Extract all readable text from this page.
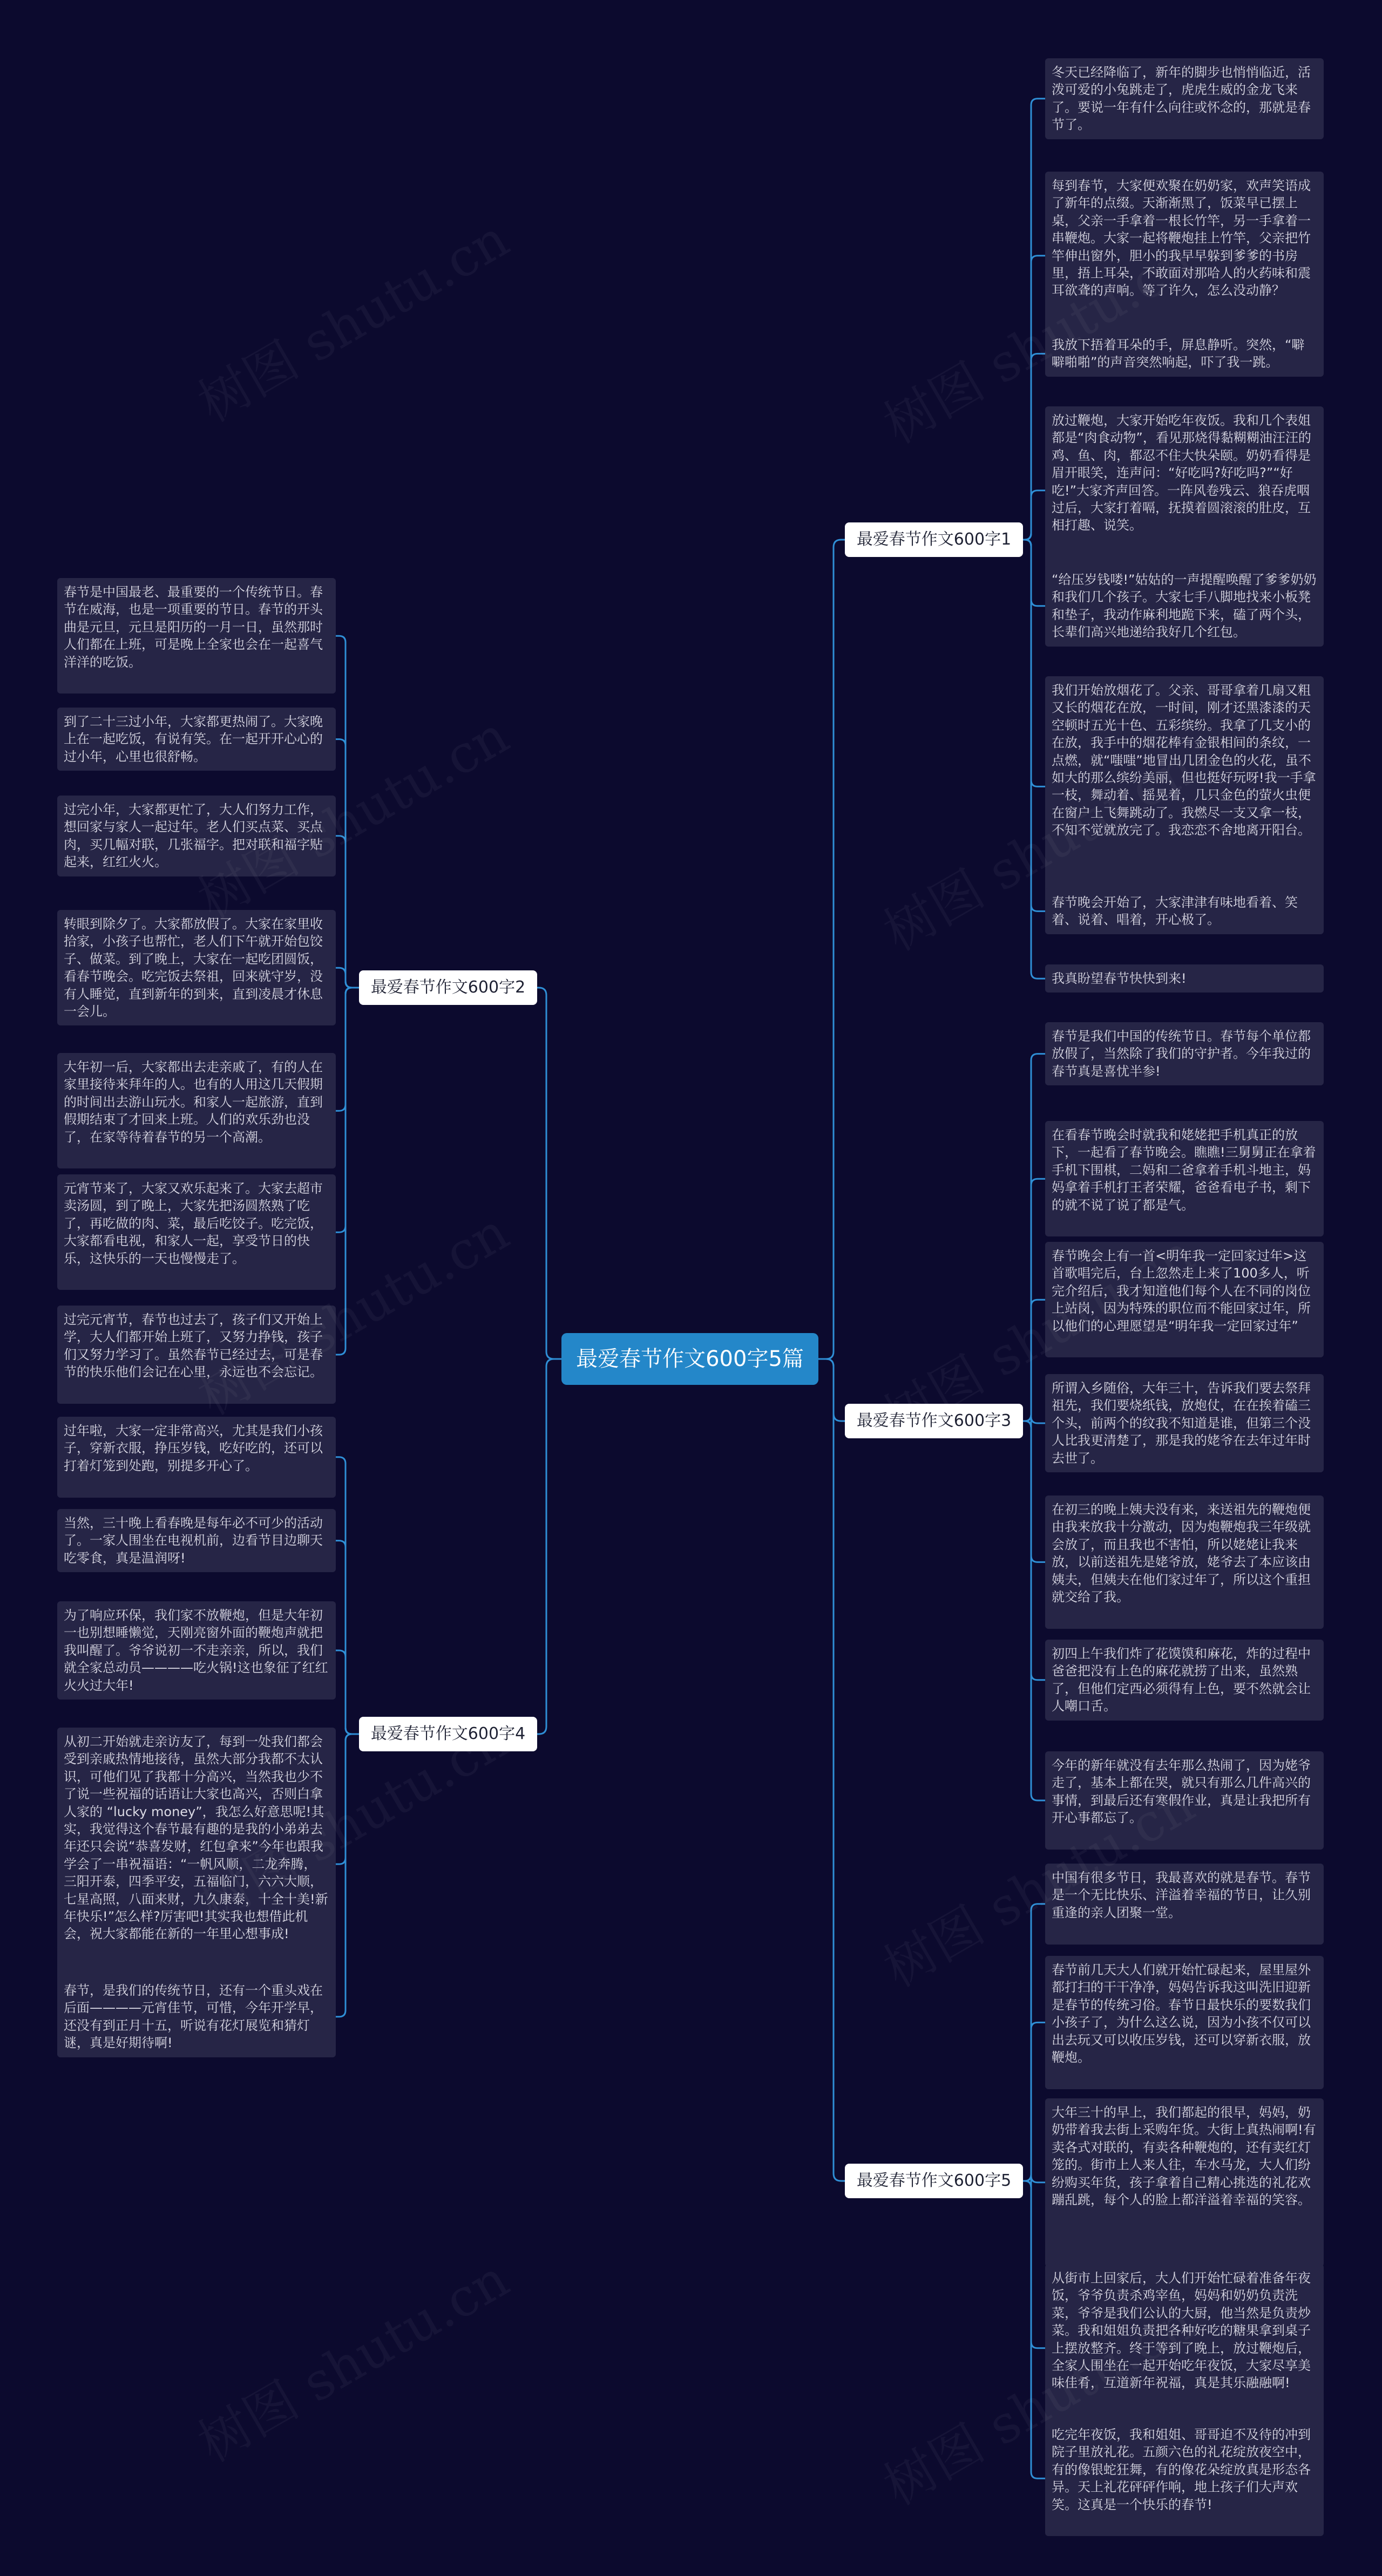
最爱春节作文600字5篇
最爱春节作文600字1
冬天已经降临了，新年的脚步也悄悄临近，活泼可爱的小兔跳走了，虎虎生威的金龙飞来了。要说一年有什么向往或怀念的，那就是春节了。
每到春节，大家便欢聚在奶奶家，欢声笑语成了新年的点缀。天渐渐黑了，饭菜早已摆上桌，父亲一手拿着一根长竹竿，另一手拿着一串鞭炮。大家一起将鞭炮挂上竹竿，父亲把竹竿伸出窗外，胆小的我早早躲到爹爹的书房里，捂上耳朵，不敢面对那哈人的火药味和震耳欲聋的声响。等了许久，怎么没动静？
我放下捂着耳朵的手，屏息静听。突然，“噼噼啪啪”的声音突然响起，吓了我一跳。
放过鞭炮，大家开始吃年夜饭。我和几个表姐都是“肉食动物”，看见那烧得黏糊糊油汪汪的鸡、鱼、肉，都忍不住大快朵颐。奶奶看得是眉开眼笑，连声问：“好吃吗?好吃吗?”“好吃!”大家齐声回答。一阵风卷残云、狼吞虎咽过后，大家打着嗝，抚摸着圆滚滚的肚皮，互相打趣、说笑。
“给压岁钱喽!”姑姑的一声提醒唤醒了爹爹奶奶和我们几个孩子。大家七手八脚地找来小板凳和垫子，我动作麻利地跪下来，磕了两个头，长辈们高兴地递给我好几个红包。
我们开始放烟花了。父亲、哥哥拿着几扇又粗又长的烟花在放，一时间，刚才还黑漆漆的天空顿时五光十色、五彩缤纷。我拿了几支小的在放，我手中的烟花棒有金银相间的条纹，一点燃，就“嗤嗤”地冒出几团金色的火花，虽不如大的那么缤纷美丽，但也挺好玩呀!我一手拿一枝，舞动着、摇晃着，几只金色的萤火虫便在窗户上飞舞跳动了。我燃尽一支又拿一枝，不知不觉就放完了。我恋恋不舍地离开阳台。
春节晚会开始了，大家津津有味地看着、笑着、说着、唱着，开心极了。
我真盼望春节快快到来!
最爱春节作文600字2
春节是中国最老、最重要的一个传统节日。春节在威海，也是一项重要的节日。春节的开头曲是元旦，元旦是阳历的一月一日，虽然那时人们都在上班，可是晚上全家也会在一起喜气洋洋的吃饭。
到了二十三过小年，大家都更热闹了。大家晚上在一起吃饭，有说有笑。在一起开开心心的过小年，心里也很舒畅。
过完小年，大家都更忙了，大人们努力工作，想回家与家人一起过年。老人们买点菜、买点肉，买几幅对联，几张福字。把对联和福字贴起来，红红火火。
转眼到除夕了。大家都放假了。大家在家里收拾家，小孩子也帮忙，老人们下午就开始包饺子、做菜。到了晚上，大家在一起吃团圆饭，看春节晚会。吃完饭去祭祖，回来就守岁，没有人睡觉，直到新年的到来，直到凌晨才休息一会儿。
大年初一后，大家都出去走亲戚了，有的人在家里接待来拜年的人。也有的人用这几天假期的时间出去游山玩水。和家人一起旅游，直到假期结束了才回来上班。人们的欢乐劲也没了，在家等待着春节的另一个高潮。
元宵节来了，大家又欢乐起来了。大家去超市卖汤圆，到了晚上，大家先把汤圆熬熟了吃了，再吃做的肉、菜，最后吃饺子。吃完饭，大家都看电视，和家人一起，享受节日的快乐，这快乐的一天也慢慢走了。
过完元宵节，春节也过去了，孩子们又开始上学，大人们都开始上班了，又努力挣钱，孩子们又努力学习了。虽然春节已经过去，可是春节的快乐他们会记在心里，永远也不会忘记。
最爱春节作文600字3
春节是我们中国的传统节日。春节每个单位都放假了，当然除了我们的守护者。今年我过的春节真是喜忧半参!
在看春节晚会时就我和姥姥把手机真正的放下，一起看了春节晚会。瞧瞧!三舅舅正在拿着手机下围棋，二妈和二爸拿着手机斗地主，妈妈拿着手机打王者荣耀，爸爸看电子书，剩下的就不说了说了都是气。
春节晚会上有一首<明年我一定回家过年>这首歌唱完后，台上忽然走上来了100多人，听完介绍后，我才知道他们每个人在不同的岗位上站岗，因为特殊的职位而不能回家过年，所以他们的心理愿望是“明年我一定回家过年”
所谓入乡随俗，大年三十，告诉我们要去祭拜祖先，我们要烧纸钱，放炮仗，在在挨着磕三个头，前两个的纹我不知道是谁，但第三个没人比我更清楚了，那是我的姥爷在去年过年时去世了。
在初三的晚上姨夫没有来，来送祖先的鞭炮便由我来放我十分激动，因为炮鞭炮我三年级就会放了，而且我也不害怕，所以姥姥让我来放，以前送祖先是姥爷放，姥爷去了本应该由姨夫，但姨夫在他们家过年了，所以这个重担就交给了我。
初四上午我们炸了花馍馍和麻花，炸的过程中爸爸把没有上色的麻花就捞了出来，虽然熟了，但他们定西必须得有上色，要不然就会让人嘲口舌。
今年的新年就没有去年那么热闹了，因为姥爷走了，基本上都在哭，就只有那么几件高兴的事情，到最后还有寒假作业，真是让我把所有开心事都忘了。
最爱春节作文600字4
过年啦，大家一定非常高兴，尤其是我们小孩子，穿新衣服，挣压岁钱，吃好吃的，还可以打着灯笼到处跑，别提多开心了。
当然，三十晚上看春晚是每年必不可少的活动了。一家人围坐在电视机前，边看节目边聊天吃零食，真是温润呀!
为了响应环保，我们家不放鞭炮，但是大年初一也别想睡懒觉，天刚亮窗外面的鞭炮声就把我叫醒了。爷爷说初一不走亲亲，所以，我们就全家总动员————吃火锅!这也象征了红红火火过大年!
从初二开始就走亲访友了，每到一处我们都会受到亲戚热情地接待，虽然大部分我都不太认识，可他们见了我都十分高兴，当然我也少不了说一些祝福的话语让大家也高兴，否则白拿人家的 “lucky money”，我怎么好意思呢!其实，我觉得这个春节最有趣的是我的小弟弟去年还只会说“恭喜发财，红包拿来”今年也跟我学会了一串祝福语：“一帆风顺，二龙奔腾，三阳开泰，四季平安，五福临门，六六大顺，七星高照，八面来财，九久康泰，十全十美!新年快乐!”怎么样?厉害吧!其实我也想借此机会，祝大家都能在新的一年里心想事成!
春节，是我们的传统节日，还有一个重头戏在后面————元宵佳节，可惜，今年开学早，还没有到正月十五，听说有花灯展览和猜灯谜，真是好期待啊!
最爱春节作文600字5
中国有很多节日，我最喜欢的就是春节。春节是一个无比快乐、洋溢着幸福的节日，让久别重逢的亲人团聚一堂。
春节前几天大人们就开始忙碌起来，屋里屋外都打扫的干干净净，妈妈告诉我这叫洗旧迎新是春节的传统习俗。春节日最快乐的要数我们小孩子了，为什么这么说，因为小孩不仅可以出去玩又可以收压岁钱，还可以穿新衣服，放鞭炮。
大年三十的早上，我们都起的很早，妈妈，奶奶带着我去街上采购年货。大街上真热闹啊!有卖各式对联的，有卖各种鞭炮的，还有卖红灯笼的。街市上人来人往，车水马龙，大人们纷纷购买年货，孩子拿着自己精心挑选的礼花欢蹦乱跳，每个人的脸上都洋溢着幸福的笑容。
从街市上回家后，大人们开始忙碌着准备年夜饭，爷爷负责杀鸡宰鱼，妈妈和奶奶负责洗菜，爷爷是我们公认的大厨，他当然是负责炒菜。我和姐姐负责把各种好吃的糖果拿到桌子上摆放整齐。终于等到了晚上，放过鞭炮后，全家人围坐在一起开始吃年夜饭，大家尽享美味佳肴，互道新年祝福，真是其乐融融啊!
吃完年夜饭，我和姐姐、哥哥迫不及待的冲到院子里放礼花。五颜六色的礼花绽放夜空中，有的像银蛇狂舞，有的像花朵绽放真是形态各异。天上礼花砰砰作响，地上孩子们大声欢笑。这真是一个快乐的春节!
